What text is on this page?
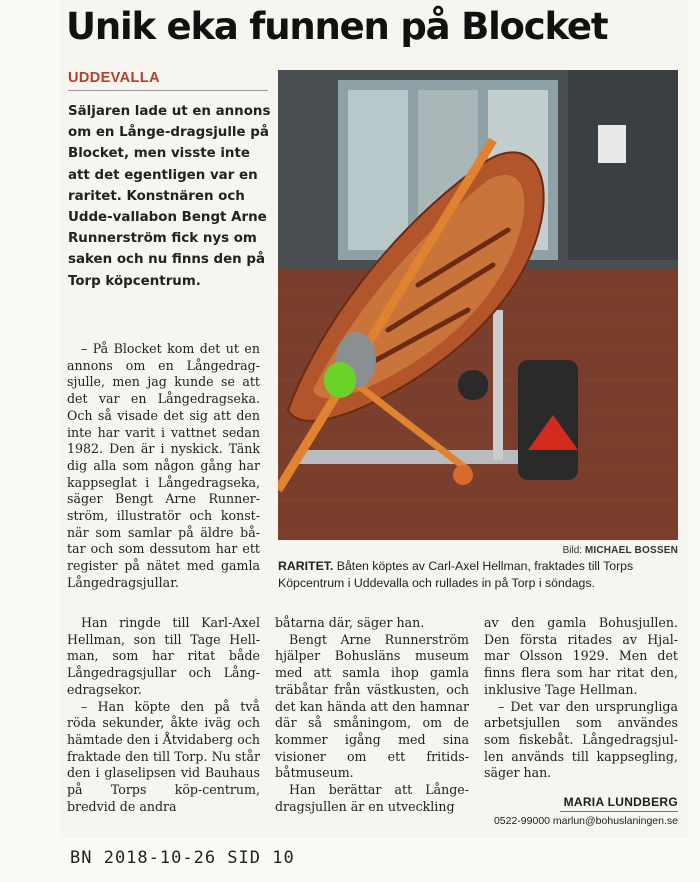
Unik eka funnen på Blocket
UDDEVALLA
Säljaren lade ut en annons om en Långe-dragsjulle på Blocket, men visste inte att det egentligen var en raritet. Konstnären och Udde-vallabon Bengt Arne Runnerström fick nys om saken och nu finns den på Torp köpcentrum.

– På Blocket kom det ut en annons om en Långedrag-sjulle, men jag kunde se att det var en Långedragseka. Och så visade det sig att den inte har varit i vattnet sedan 1982. Den är i nyskick. Tänk dig alla som någon gång har kappseglat i Långedragseka, säger Bengt Arne Runner-ström, illustratör och konst-när som samlar på äldre bå-tar och som dessutom har ett register på nätet med gamla Långedragsjullar.

Han ringde till Karl-Axel Hellman, son till Tage Hell-man, som har ritat både Långedragsjullar och Lång-edragsekor.

– Han köpte den på två röda sekunder, åkte iväg och hämtade den i Åtvidaberg och fraktade den till Torp. Nu står den i glaselipsen vid Bauhaus på Torps köp-centrum, bredvid de andra

båtarna där, säger han.

Bengt Arne Runnerström hjälper Bohusläns museum med att samla ihop gamla träbåtar från västkusten, och det kan hända att den hamnar där så småningom, om de kommer igång med sina visioner om ett fritids-båtmuseum.

Han berättar att Långe-dragsjullen är en utveckling

av den gamla Bohusjullen. Den första ritades av Hjal-mar Olsson 1929. Men det finns flera som har ritat den, inklusive Tage Hellman.

– Det var den ursprungliga arbetsjullen som användes som fiskebåt. Långedragsjul-len används till kappsegling, säger han.

MARIA LUNDBERG
0522-99000 marlun@bohuslaningen.se
Bild: MICHAEL BOSSEN
RARITET. Båten köptes av Carl-Axel Hellman, fraktades till Torps Köpcentrum i Uddevalla och rullades in på Torp i söndags.
BN 2018-10-26 SID 10
